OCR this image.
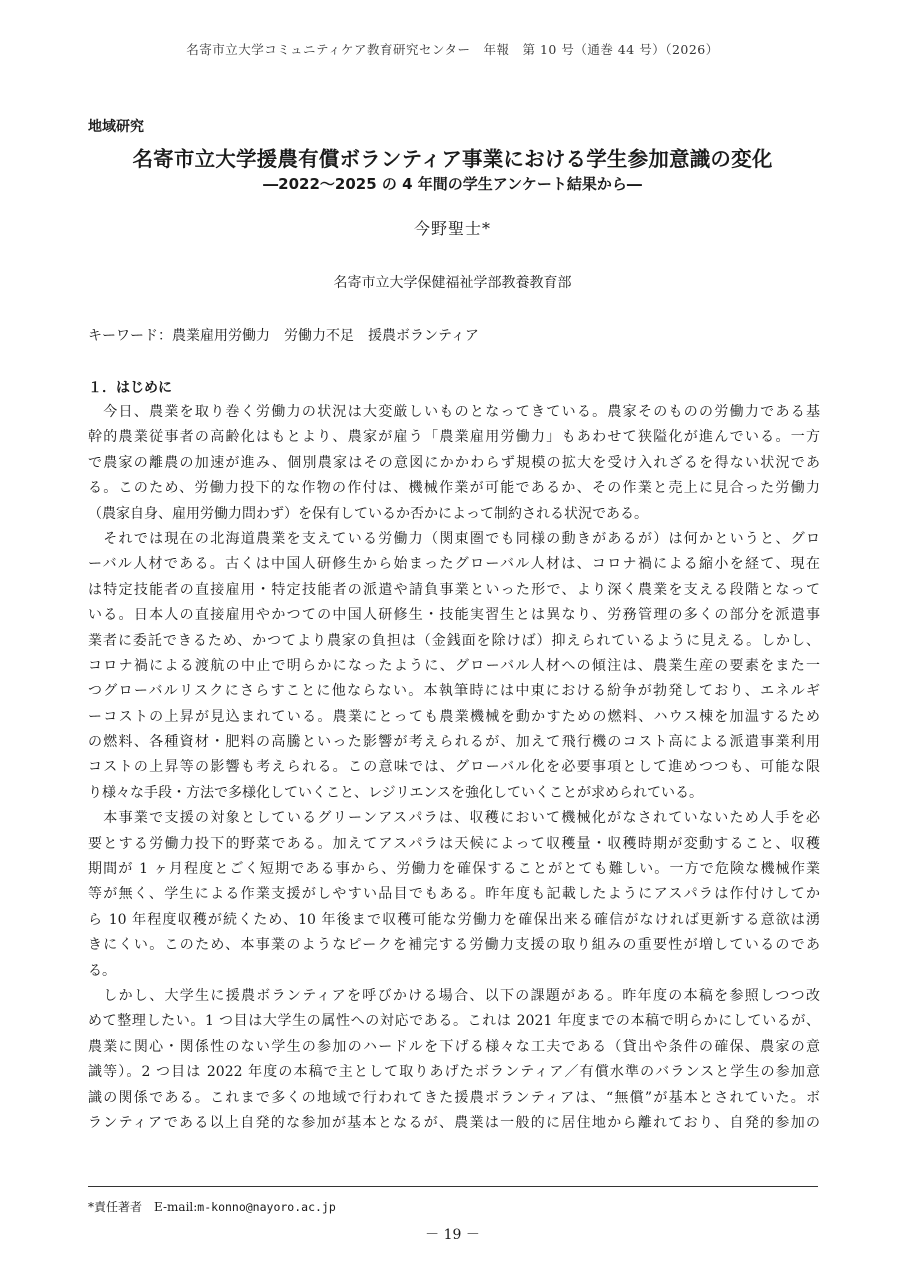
名寄市立大学コミュニティケア教育研究センター　年報　第 10 号（通巻 44 号）（2026）
地域研究
名寄市立大学援農有償ボランティア事業における学生参加意識の変化
―2022～2025 の 4 年間の学生アンケート結果から―
今野聖士*
名寄市立大学保健福祉学部教養教育部
キーワード：農業雇用労働力　労働力不足　援農ボランティア
１．はじめに
　今日、農業を取り巻く労働力の状況は大変厳しいものとなってきている。農家そのものの労働力である基
幹的農業従事者の高齢化はもとより、農家が雇う「農業雇用労働力」もあわせて狭隘化が進んでいる。一方
で農家の離農の加速が進み、個別農家はその意図にかかわらず規模の拡大を受け入れざるを得ない状況であ
る。このため、労働力投下的な作物の作付は、機械作業が可能であるか、その作業と売上に見合った労働力
（農家自身、雇用労働力問わず）を保有しているか否かによって制約される状況である。
　それでは現在の北海道農業を支えている労働力（関東圏でも同様の動きがあるが）は何かというと、グロ
ーバル人材である。古くは中国人研修生から始まったグローバル人材は、コロナ禍による縮小を経て、現在
は特定技能者の直接雇用・特定技能者の派遣や請負事業といった形で、より深く農業を支える段階となって
いる。日本人の直接雇用やかつての中国人研修生・技能実習生とは異なり、労務管理の多くの部分を派遣事
業者に委託できるため、かつてより農家の負担は（金銭面を除けば）抑えられているように見える。しかし、
コロナ禍による渡航の中止で明らかになったように、グローバル人材への傾注は、農業生産の要素をまた一
つグローバルリスクにさらすことに他ならない。本執筆時には中東における紛争が勃発しており、エネルギ
ーコストの上昇が見込まれている。農業にとっても農業機械を動かすための燃料、ハウス棟を加温するため
の燃料、各種資材・肥料の高騰といった影響が考えられるが、加えて飛行機のコスト高による派遣事業利用
コストの上昇等の影響も考えられる。この意味では、グローバル化を必要事項として進めつつも、可能な限
り様々な手段・方法で多様化していくこと、レジリエンスを強化していくことが求められている。
　本事業で支援の対象としているグリーンアスパラは、収穫において機械化がなされていないため人手を必
要とする労働力投下的野菜である。加えてアスパラは天候によって収穫量・収穫時期が変動すること、収穫
期間が 1 ヶ月程度とごく短期である事から、労働力を確保することがとても難しい。一方で危険な機械作業
等が無く、学生による作業支援がしやすい品目でもある。昨年度も記載したようにアスパラは作付けしてか
ら 10 年程度収穫が続くため、10 年後まで収穫可能な労働力を確保出来る確信がなければ更新する意欲は湧
きにくい。このため、本事業のようなピークを補完する労働力支援の取り組みの重要性が増しているのであ
る。
　しかし、大学生に援農ボランティアを呼びかける場合、以下の課題がある。昨年度の本稿を参照しつつ改
めて整理したい。1 つ目は大学生の属性への対応である。これは 2021 年度までの本稿で明らかにしているが、
農業に関心・関係性のない学生の参加のハードルを下げる様々な工夫である（貸出や条件の確保、農家の意
識等）。2 つ目は 2022 年度の本稿で主として取りあげたボランティア／有償水準のバランスと学生の参加意
識の関係である。これまで多くの地域で行われてきた援農ボランティアは、“無償”が基本とされていた。ボ
ランティアである以上自発的な参加が基本となるが、農業は一般的に居住地から離れており、自発的参加の
*責任著者　E-mail:m-konno@nayoro.ac.jp
－ 19 －
